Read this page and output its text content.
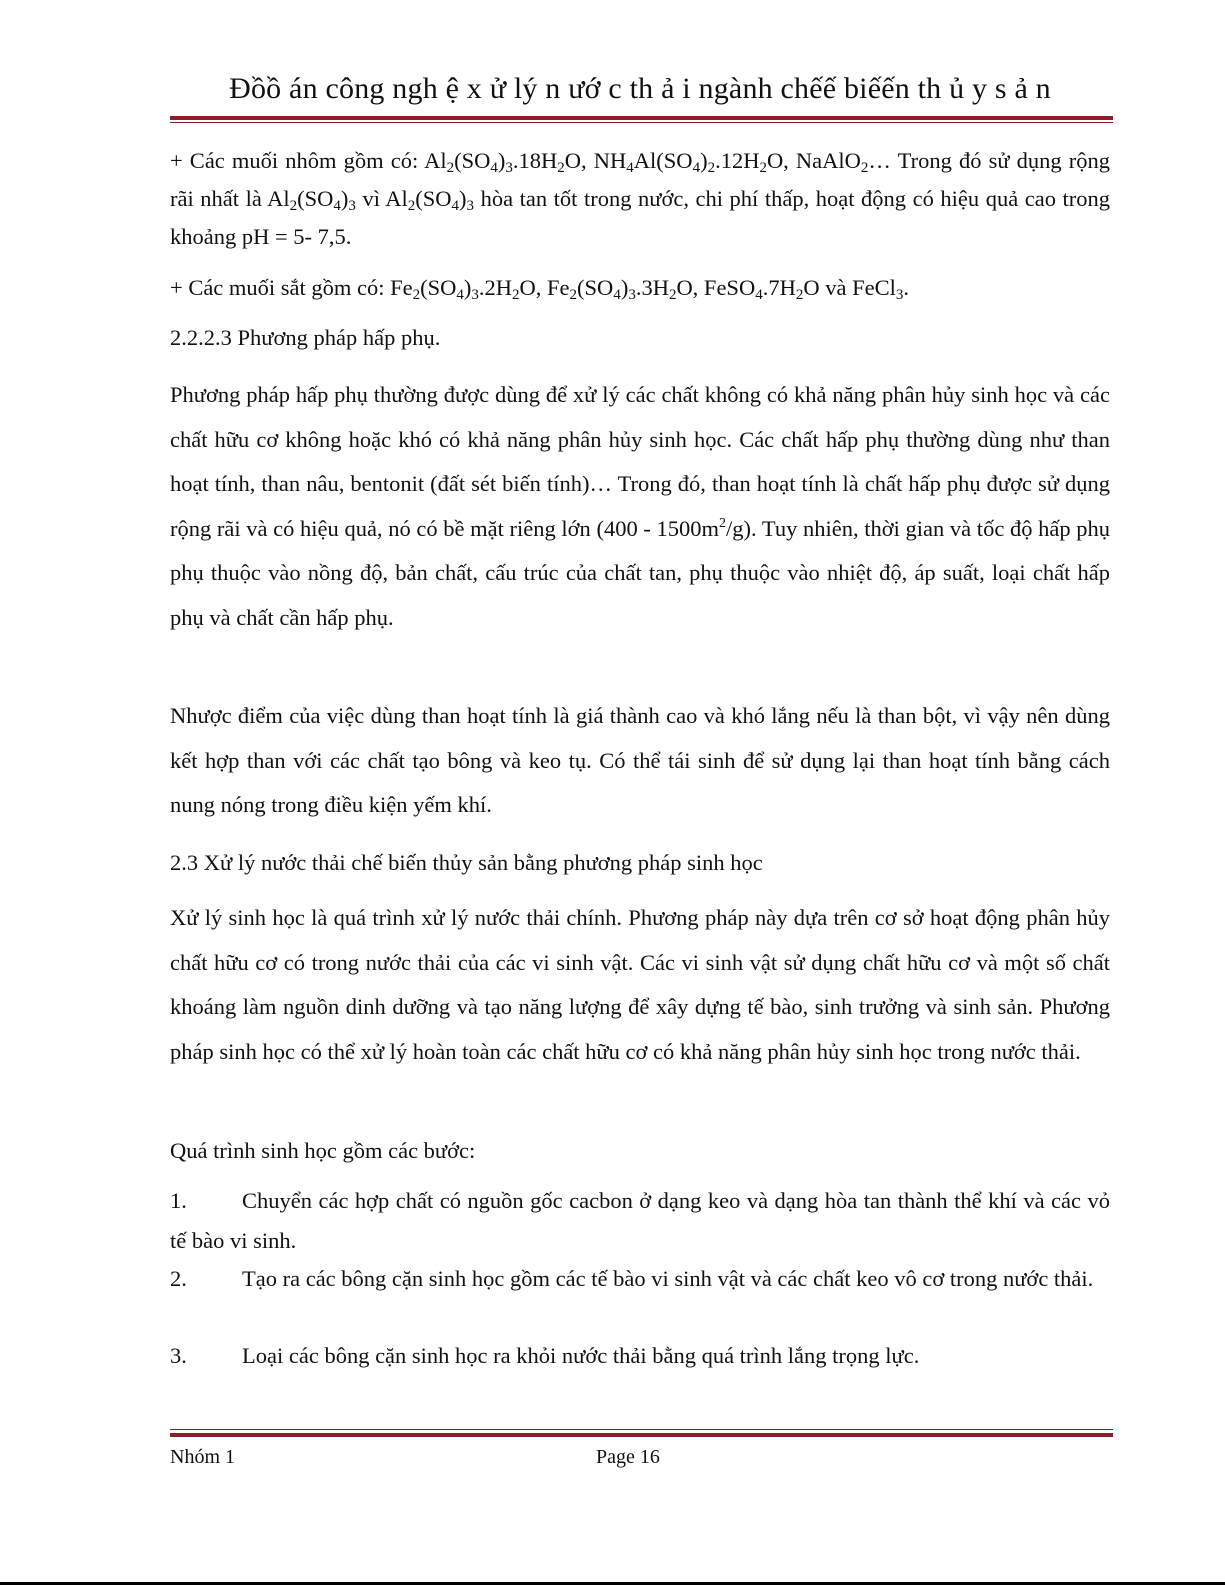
Đồồ án công ngh ệ x ử lý n ướ c th ả i ngành chếế biếến th ủ y s ả n

+ Các muối nhôm gồm có: $Al_2(SO_4)_3.18H_2O$, $NH_4Al(SO_4)_2.12H_2O$, NaAlO$_2$… Trong đó sử dụng rộng rãi nhất là $Al_2(SO_4)_3$ vì $Al_2(SO_4)_3$ hòa tan tốt trong nước, chi phí thấp, hoạt động có hiệu quả cao trong khoảng pH = 5- 7,5.

+ Các muối sắt gồm có: $Fe_2(SO_4)_3.2H_2O$, $Fe_2(SO_4)_3.3H_2O$, $FeSO_4.7H_2O$ và FeCl$_3$.

2.2.2.3 Phương pháp hấp phụ.

Phương pháp hấp phụ thường được dùng để xử lý các chất không có khả năng phân hủy sinh học và các chất hữu cơ không hoặc khó có khả năng phân hủy sinh học. Các chất hấp phụ thường dùng như than hoạt tính, than nâu, bentonit (đất sét biến tính)… Trong đó, than hoạt tính là chất hấp phụ được sử dụng rộng rãi và có hiệu quả, nó có bề mặt riêng lớn $(400 - 1500m^2/g)$. Tuy nhiên, thời gian và tốc độ hấp phụ phụ thuộc vào nồng độ, bản chất, cấu trúc của chất tan, phụ thuộc vào nhiệt độ, áp suất, loại chất hấp phụ và chất cần hấp phụ.

Nhược điểm của việc dùng than hoạt tính là giá thành cao và khó lắng nếu là than bột, vì vậy nên dùng kết hợp than với các chất tạo bông và keo tụ. Có thể tái sinh để sử dụng lại than hoạt tính bằng cách nung nóng trong điều kiện yếm khí.

2.3 Xử lý nước thải chế biến thủy sản bằng phương pháp sinh học

Xử lý sinh học là quá trình xử lý nước thải chính. Phương pháp này dựa trên cơ sở hoạt động phân hủy chất hữu cơ có trong nước thải của các vi sinh vật. Các vi sinh vật sử dụng chất hữu cơ và một số chất khoáng làm nguồn dinh dưỡng và tạo năng lượng để xây dựng tế bào, sinh trưởng và sinh sản. Phương pháp sinh học có thể xử lý hoàn toàn các chất hữu cơ có khả năng phân hủy sinh học trong nước thải.

Quá trình sinh học gồm các bước:

1. Chuyển các hợp chất có nguồn gốc cacbon ở dạng keo và dạng hòa tan thành thể khí và các vỏ tế bào vi sinh.

2. Tạo ra các bông cặn sinh học gồm các tế bào vi sinh vật và các chất keo vô cơ trong nước thải.

3. Loại các bông cặn sinh học ra khỏi nước thải bằng quá trình lắng trọng lực.

Nhóm 1	Page 16
